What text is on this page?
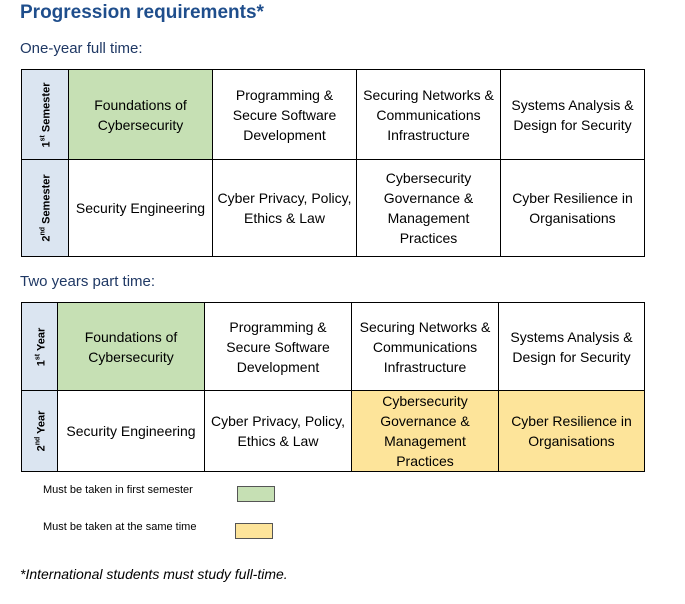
Progression requirements*
One-year full time:
1st Semester	Foundations of Cybersecurity	Programming & Secure Software Development	Securing Networks & Communications Infrastructure	Systems Analysis & Design for Security

2nd Semester	Security Engineering	Cyber Privacy, Policy, Ethics & Law	Cybersecurity Governance & Management Practices	Cyber Resilience in Organisations
Two years part time:
1st Year	Foundations of Cybersecurity	Programming & Secure Software Development	Securing Networks & Communications Infrastructure	Systems Analysis & Design for Security

2nd Year	Security Engineering	Cyber Privacy, Policy, Ethics & Law	Cybersecurity Governance & Management Practices	Cyber Resilience in Organisations
Must be taken in first semester
Must be taken at the same time
*International students must study full-time.
